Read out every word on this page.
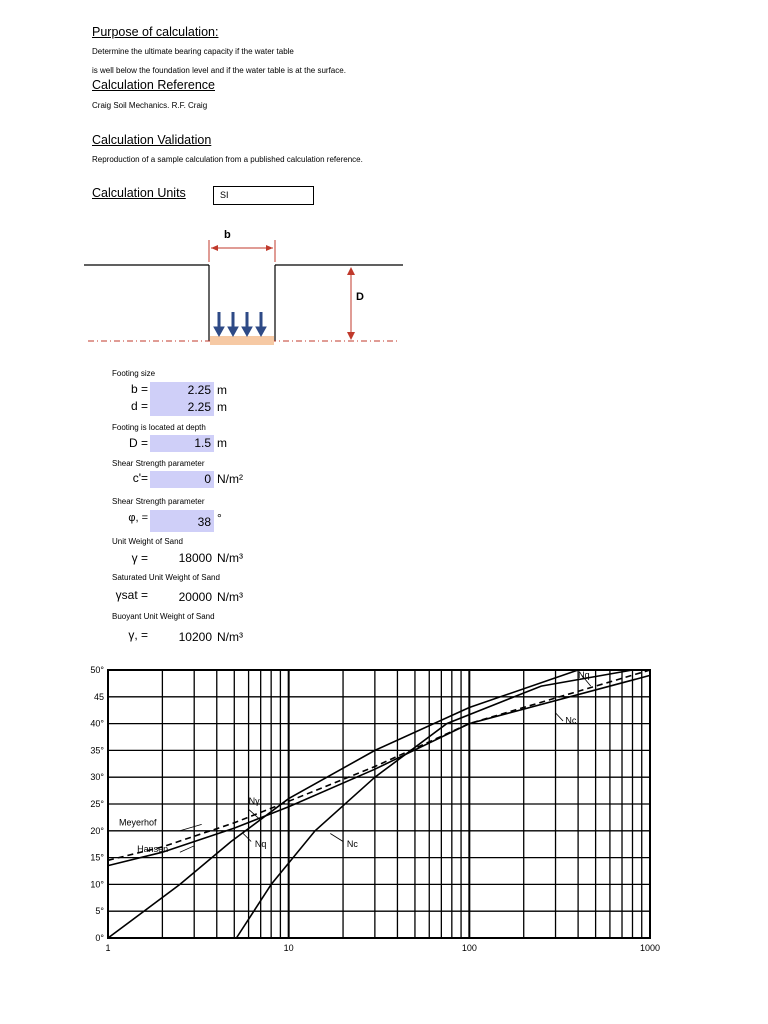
Purpose of calculation:
Determine the ultimate bearing capacity if the water table
is well below the foundation level and if the water table is at the surface.
Calculation Reference
Craig Soil Mechanics. R.F. Craig
Calculation Validation
Reproduction of a sample calculation from a published calculation reference.
Calculation Units	SI
b
D
Footing size
b =	2.25 m
d =	2.25 m
Footing is located at depth
D =	1.5 m
Shear Strength parameter
c'=	0 N/m²
Shear Strength parameter
φ, =	38 °
Unit Weight of Sand
γ =	18000 N/m³
Saturated Unit Weight of Sand
γsat =	20000 N/m³
Buoyant Unit Weight of Sand
γ, =	10200 N/m³
0°
5°
10°
15°
20°
25°
30°
35°
40°
45
50°
1	10	100	1000
Nq
Nc
Nγ
Meyerhof
Hansen
Nq	Nc
